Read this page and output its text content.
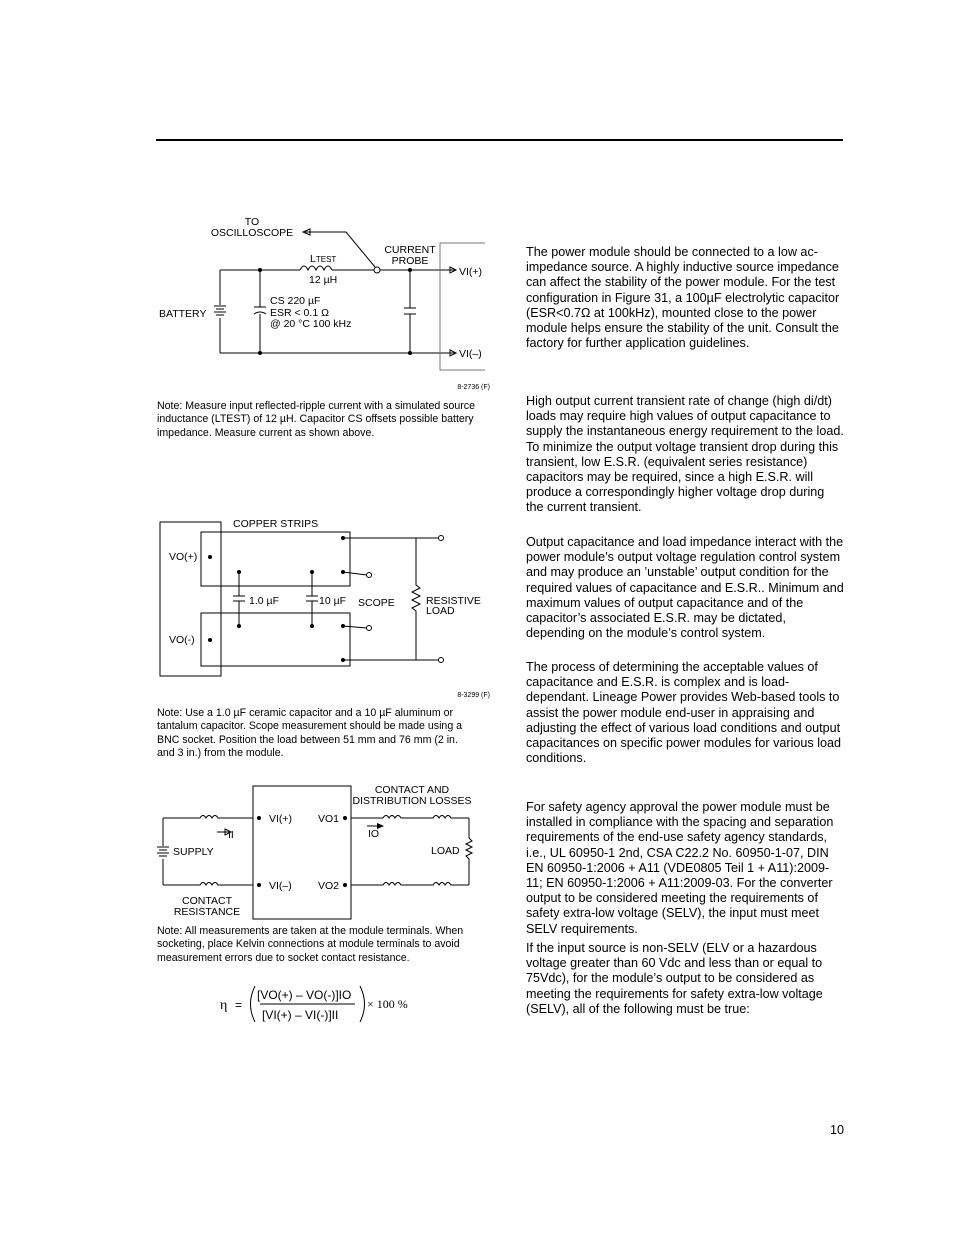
TO
OSCILLOSCOPE
LTEST
12 µH
CURRENT
PROBE
VI(+)
VI(–)
BATTERY
CS 220 µF
ESR < 0.1 Ω
@ 20 °C 100 kHz
8-2736 (F)

Note: Measure input reflected-ripple current with a simulated source inductance (LTEST) of 12 µH. Capacitor CS offsets possible battery impedance. Measure current as shown above.

COPPER STRIPS
VO(+)
VO(-)
1.0 µF	10 µF SCOPE	RESISTIVE
LOAD
8-3299 (F)

Note: Use a 1.0 µF ceramic capacitor and a 10 µF aluminum or tantalum capacitor. Scope measurement should be made using a BNC socket. Position the load between 51 mm and 76 mm (2 in. and 3 in.) from the module.

VI(+)
VI(–)
VO1
VO2
II	IO
SUPPLY	LOAD
CONTACT AND
DISTRIBUTION LOSSES
CONTACT
RESISTANCE

Note: All measurements are taken at the module terminals. When socketing, place Kelvin connections at module terminals to avoid measurement errors due to socket contact resistance.

η =
[VO(+) – VO(-)]IO
[VI(+) – VI(-)]II
× 100 %

The power module should be connected to a low ac-impedance source. A highly inductive source impedance can affect the stability of the power module. For the test configuration in Figure 31, a 100µF electrolytic capacitor (ESR<0.7Ω at 100kHz), mounted close to the power module helps ensure the stability of the unit. Consult the factory for further application guidelines.

High output current transient rate of change (high di/dt) loads may require high values of output capacitance to supply the instantaneous energy requirement to the load. To minimize the output voltage transient drop during this transient, low E.S.R. (equivalent series resistance) capacitors may be required, since a high E.S.R. will produce a correspondingly higher voltage drop during the current transient.

Output capacitance and load impedance interact with the power module’s output voltage regulation control system and may produce an ’unstable’ output condition for the required values of capacitance and E.S.R.. Minimum and maximum values of output capacitance and of the capacitor’s associated E.S.R. may be dictated, depending on the module’s control system.

The process of determining the acceptable values of capacitance and E.S.R. is complex and is load-dependant. Lineage Power provides Web-based tools to assist the power module end-user in appraising and adjusting the effect of various load conditions and output capacitances on specific power modules for various load conditions.

For safety agency approval the power module must be installed in compliance with the spacing and separation requirements of the end-use safety agency standards, i.e., UL 60950-1 2nd, CSA C22.2 No. 60950-1-07, DIN EN 60950-1:2006 + A11 (VDE0805 Teil 1 + A11):2009-11; EN 60950-1:2006 + A11:2009-03. For the converter output to be considered meeting the requirements of safety extra-low voltage (SELV), the input must meet SELV requirements.

If the input source is non-SELV (ELV or a hazardous voltage greater than 60 Vdc and less than or equal to 75Vdc), for the module’s output to be considered as meeting the requirements for safety extra-low voltage (SELV), all of the following must be true:

10
